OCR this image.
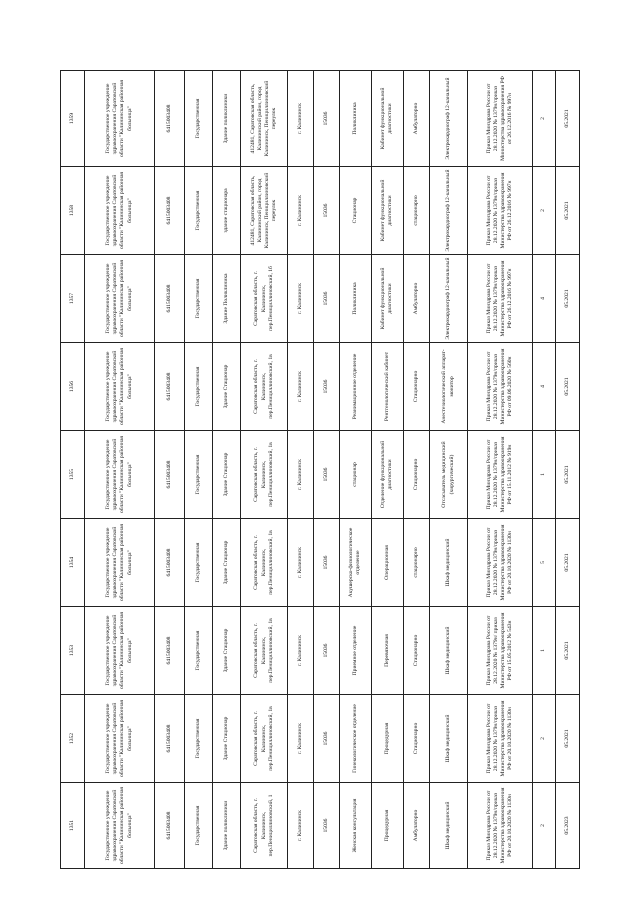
1351	1352	1353	1354	1355	1356	1357	1358	1359
Государственное учреждение здравоохранения Саратовской области "Калининская районная больница"	Государственное учреждение здравоохранения Саратовской области "Калининская районная больница"	Государственное учреждение здравоохранения Саратовской области "Калининская районная больница"	Государственное учреждение здравоохранения Саратовской области "Калининская районная больница"	Государственное учреждение здравоохранения Саратовской области "Калининская районная больница"	Государственное учреждение здравоохранения Саратовской области "Калининская районная больница"	Государственное учреждение здравоохранения Саратовской области "Калининская районная больница"	Государственное учреждение здравоохранения Саратовской области "Калининская районная больница"	Государственное учреждение здравоохранения Саратовской области "Калининская районная больница"
6415003408	6415003408	6415003408	6415003408	6415003408	6415003408	6415003408	6415003408	6415003408
Государственная	Государственная	Государственная	Государственная	Государственная	Государственная	Государственная	Государственная	Государственная
Здание поликлиники	Здание Стационар	Здание Стационар	Здание Стационар	Здание Стационар	Здание Стационар	Здание Поликлиника	здание стационара	Здание поликлиники
Саратовская область, г. Калининск, пер.Пенициллиновский, 1	Саратовская область, г. Калининск, пер.Пенициллиновский, 1в	Саратовская область, г. Калининск, пер.Пенициллиновский, 1в	Саратовская область, г. Калининск, пер.Пенициллиновский, 1в	Саратовская область, г. Калининск, пер.Пенициллиновский, 1в	Саратовская область, г. Калининск, пер.Пенициллиновский, 1в	Саратовская область, г. Калининск, пер.Пенициллиновский, 1б	412481, Саратовская область, Калининский район, город Калининск, Пенициллиновский переулок	412481, Саратовская область, Калининский район, город Калининск, Пенициллиновский переулок
г. Калининск	г. Калининск	г. Калининск	г. Калининск	г. Калининск	г. Калининск	г. Калининск	г. Калининск	г. Калининск
15036	15036	15036	15036	15036	15036	15036	15036	15036
Женская консультация	Гинекологическое отделение	Приемное отделение	Акушерско-физиологическое отделение	стационар	Реанимационное отделение	Поликлиника	Стационар	Поликлиника
Процедурная	Процедурная	Перевязочная	Операционная	Отделение функциональной диагностики	Рентгенологический кабинет	Кабинет функциональной диагностики	Кабинет функциональной диагностики	Кабинет функциональной диагностики
Амбулаторно	Стационарно	Стационарно	стационарно	Стационарно	Стационарно	Амбулаторно	стационарно	Амбулаторно
Шкаф медицинский	Шкаф медицинский	Шкаф медицинский	Шкаф медицинский	Отсасыватель медицинский (хирургический)	Анестезиологический аппарат-монитор	Электрокардиограф 12-канальный	Электрокардиограф 12-канальный	Электрокардиограф 12-канальный
Приказ Минздрава России от 28.12.2020 № 1379н/приказ Министерства здравоохранения РФ от 20.10.2020 № 1130н	Приказ Минздрава России от 28.12.2020 № 1379н/приказ Министерства здравоохранения РФ от 20.10.2020 № 1130н	Приказ Минздрава России от 28.12.2020 № 1379н/ приказ Министерства здравоохранения РФ от 15.05.2012 № 543н	Приказ Минздрава России от 28.12.2020 № 1379н/приказ Министерства здравоохранения РФ от 20.10.2020 № 1130н	Приказ Минздрава России от 28.12.2020 № 1379н/приказ Министерства здравоохранения РФ от 15.11.2012 № 919н	Приказ Минздрава России от 28.12.2020 № 1379н/приказ Министерства здравоохранения РФ от 09.06.2020 № 560н	Приказ Минздрава России от 28.12.2020 № 1379н/приказ Министерства здравоохранения РФ от 26.12.2016 № 997н	Приказ Минздрава России от 28.12.2020 № 1379н/приказ Министерства здравоохранения РФ от 26.12.2016 № 997н	Приказ Минздрава России от 28.12.2020 № 1379н/приказ Министерства здравоохранения РФ от 26.12.2016 № 997н
2	2	1	5	1	4	4	2	2
05.2023	05.2021	05.2021	05.2021	05.2021	05.2021	05.2021	05.2021	05.2021
